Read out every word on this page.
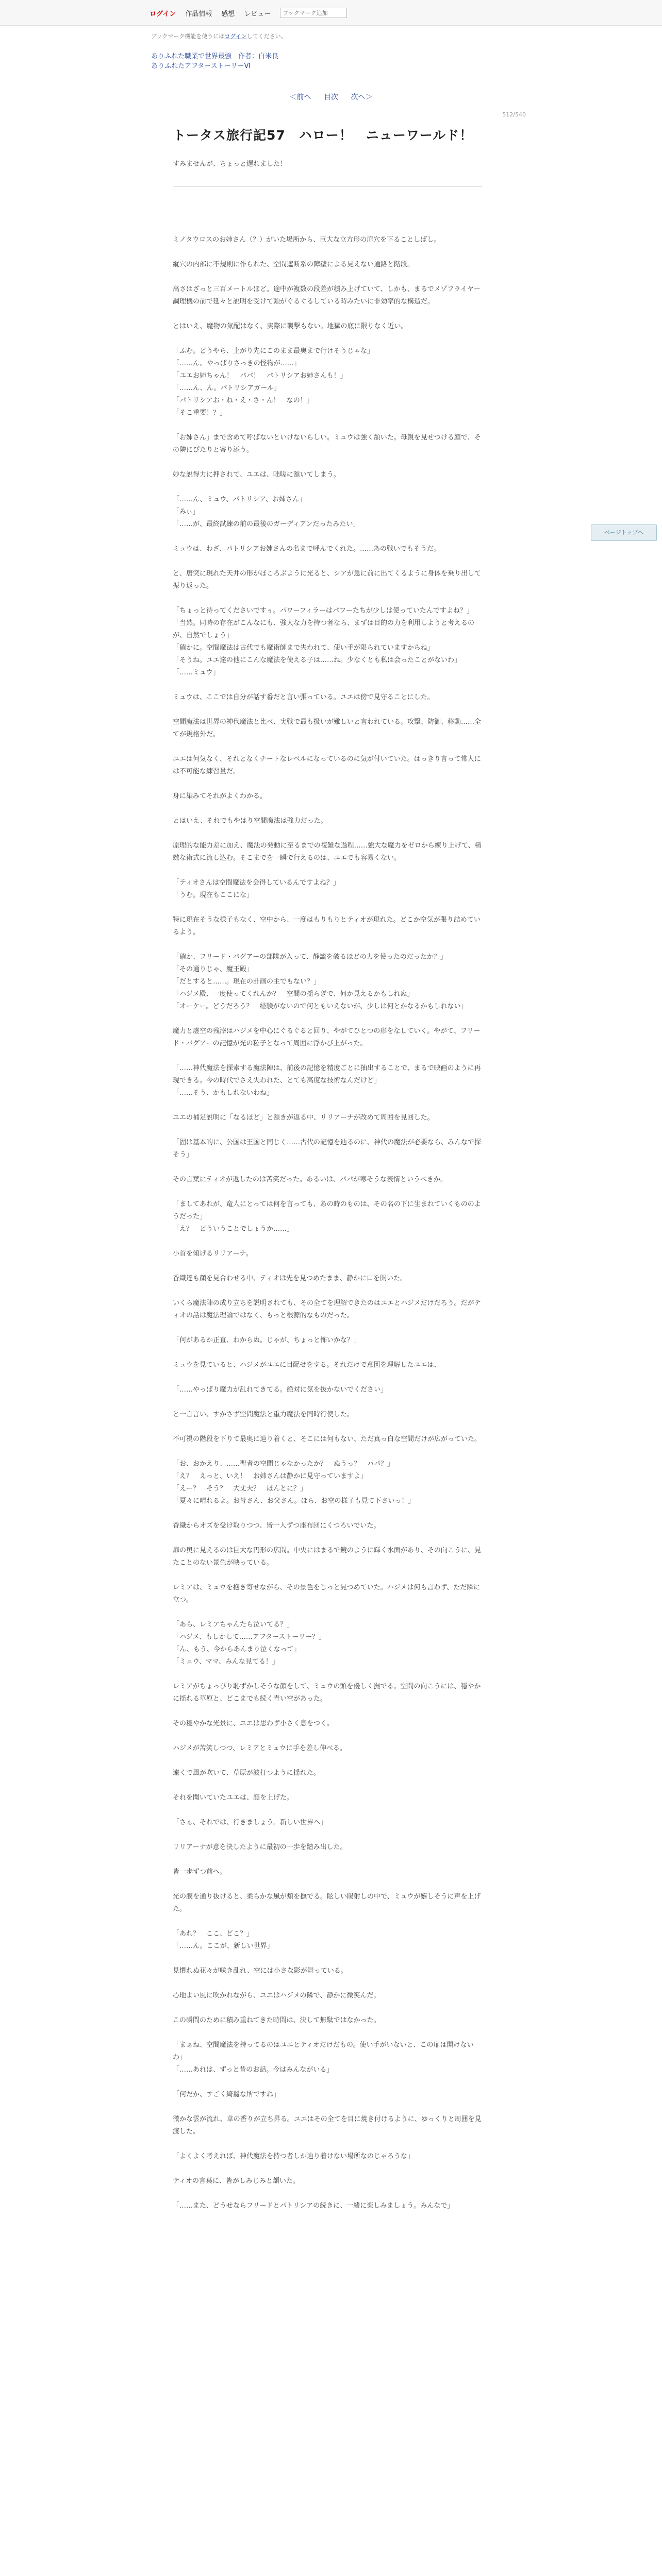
ログイン 作品情報 感想 レビュー
ブックマーク追加
ブックマーク機能を使うにはログインしてください。
ありふれた職業で世界最強　作者：白米良
ありふれたアフターストーリーⅥ
＜前へ 目次 次へ＞
512/540
トータス旅行記57　ハロー！　ニューワールド！
すみませんが、ちょっと遅れました！

ミノタウロスのお姉さん（？）がいた場所から、巨大な立方形の扉穴を下ることしばし。

縦穴の内部に不規則に作られた、空間遮断系の障壁による見えない通路と階段。

高さはざっと三百メートルほど。途中が複数の段差が積み上げていて、しかも、まるでメゾフライヤー調理機の前で延々と説明を受けて頭がぐるぐるしている時みたいに非効率的な構造だ。

とはいえ、魔物の気配はなく、実際に襲撃もない。地獄の底に限りなく近い。

「ふむ。どうやら、上がり先にこのまま最奥まで行けそうじゃな」

「……ん。やっぱりさっきの怪物が……」

「ユエお姉ちゃん！　パパ！　パトリシアお姉さんも！」

「……ん、ん。パトリシアガール」

「パトリシアお・ね・え・さ・ん！　なの！」

「そこ重要！？」

「お姉さん」まで含めて呼ばないといけないらしい。ミュウは強く頷いた。母親を見せつける顔で、その隣にぴたりと寄り添う。

妙な説得力に押されて、ユエは、咄嗟に頷いてしまう。

「……ん、ミュウ、パトリシア、お姉さん」

「みぃ」

「……が、最終試練の前の最後のガーディアンだったみたい」

ミュウは、わざ、パトリシアお姉さんの名まで呼んでくれた。……あの戦いでもそうだ。

と、唐突に現れた天井の形がほころぶように光ると、シアが急に前に出てくるように身体を乗り出して振り返った。

「ちょっと待ってくださいですぅ。パワーフィラーはパワーたちが少しは使っていたんですよね？」

「当然。同時の存在がこんなにも、強大な力を持つ者なら、まずは目的の力を利用しようと考えるのが、自然でしょう」

「確かに。空間魔法は古代でも魔術師まで失われて、使い手が限られていますからね」

「そうね。ユエ達の他にこんな魔法を使える子は……ね。少なくとも私は会ったことがないわ」

「……ミュウ」

ミュウは、ここでは自分が話す番だと言い張っている。ユエは傍で見守ることにした。

空間魔法は世界の神代魔法と比べ、実戦で最も扱いが難しいと言われている。攻撃、防御、移動……全てが規格外だ。

ユエは何気なく、それとなくチートなレベルになっているのに気が付いていた。はっきり言って常人には不可能な練習量だ。

身に染みてそれがよくわかる。

とはいえ、それでもやはり空間魔法は強力だった。

原理的な能力差に加え、魔法の発動に至るまでの複雑な過程……強大な魔力をゼロから練り上げて、精緻な術式に流し込む。そこまでを一瞬で行えるのは、ユエでも容易くない。

「ティオさんは空間魔法を会得しているんですよね？」

「うむ。現在もここにな」

特に現在そうな様子もなく、空中から、一度はもりもりとティオが現れた。どこか空気が張り詰めているよう。

「確か、フリード・バグアーの部隊が入って、静謐を破るほどの力を使ったのだったか？」

「その通りじゃ、魔王殿」

「だとすると……。現在の計画の主でもない？」

「ハジメ殿、一度使ってくれんか？　空間の揺らぎで、何か見えるかもしれぬ」

「オーケー。どうだろう？　経験がないので何ともいえないが、少しは何とかなるかもしれない」

魔力と虚空の残滓はハジメを中心にぐるぐると回り、やがてひとつの形をなしていく。やがて、フリード・バグアーの記憶が光の粒子となって周囲に浮かび上がった。

「……神代魔法を探索する魔法陣は、前後の記憶を精度ごとに抽出することで、まるで映画のように再現できる。今の時代でさえ失われた、とても高度な技術なんだけど」

「……そう、かもしれないわね」

ユエの補足説明に「なるほど」と頷きが返る中、リリアーナが改めて周囲を見回した。

「固は基本的に、公国は王国と同じく……古代の記憶を辿るのに、神代の魔法が必要なら、みんなで探そう」

その言葉にティオが返したのは苦笑だった。あるいは、パパが寒そうな表情というべきか。

「ましてあれが、竜人にとっては何を言っても、あの時のものは、その名の下に生まれていくもののようだった」

「え？　どういうことでしょうか……」

小首を傾げるリリアーナ。

香織達も顔を見合わせる中、ティオは先を見つめたまま、静かに口を開いた。

いくら魔法陣の成り立ちを説明されても、その全てを理解できたのはユエとハジメだけだろう。だがティオの話は魔法理論ではなく、もっと根源的なものだった。

「何があるか正直、わからぬ。じゃが、ちょっと怖いかな？」

ミュウを見ていると、ハジメがユエに目配せをする。それだけで意図を理解したユエは、

「……やっぱり魔力が乱れてきてる。絶対に気を抜かないでください」

と一言言い、すかさず空間魔法と重力魔法を同時行使した。

不可視の階段を下りて最奥に辿り着くと、そこには何もない、ただ真っ白な空間だけが広がっていた。

「お、おかえり、……聖者の空間じゃなかったか？　ぬうっ？　パパ？」

「え？　えっと、いえ！　お姉さんは静かに見守っていますよ」

「えー？　そう？　大丈夫？　ほんとに？」

「夏々に晴れるよ。お母さん、お父さん。ほら、お空の様子も見て下さいっ！」

香織からオズを受け取りつつ、皆一人ずつ座布団にくつろいでいた。

扉の奥に見えるのは巨大な円形の広間。中央にはまるで鏡のように輝く水面があり、その向こうに、見たことのない景色が映っている。

レミアは、ミュウを抱き寄せながら、その景色をじっと見つめていた。ハジメは何も言わず、ただ隣に立つ。

「あら、レミアちゃんたら泣いてる？」

「ハジメ、もしかして……アフターストーリー？」

「ん、もう、今からあんまり泣くなって」

「ミュウ、ママ、みんな見てる！」

レミアがちょっぴり恥ずかしそうな顔をして、ミュウの頭を優しく撫でる。空間の向こうには、穏やかに揺れる草原と、どこまでも続く青い空があった。

その穏やかな光景に、ユエは思わず小さく息をつく。

ハジメが苦笑しつつ、レミアとミュウに手を差し伸べる。

遠くで風が吹いて、草原が波打つように揺れた。

それを聞いていたユエは、顔を上げた。

「さぁ、それでは、行きましょう。新しい世界へ」

リリアーナが意を決したように最初の一歩を踏み出した。

皆一歩ずつ前へ。

光の膜を通り抜けると、柔らかな風が頬を撫でる。眩しい陽射しの中で、ミュウが嬉しそうに声を上げた。

「あれ？　ここ、どこ？」

「……ん。ここが、新しい世界」

見慣れぬ花々が咲き乱れ、空には小さな影が舞っている。

心地よい風に吹かれながら、ユエはハジメの隣で、静かに微笑んだ。

この瞬間のために積み重ねてきた時間は、決して無駄ではなかった。

「まぁね、空間魔法を持ってるのはユエとティオだけだもの。使い手がいないと、この扉は開けないわ」

「……あれは、ずっと昔のお話。今はみんながいる」

「何だか、すごく綺麗な所ですね」

微かな雲が流れ、草の香りが立ち昇る。ユエはその全てを目に焼き付けるように、ゆっくりと周囲を見渡した。

「よくよく考えれば、神代魔法を持つ者しか辿り着けない場所なのじゃろうな」

ティオの言葉に、皆がしみじみと頷いた。

「……また、どうせならフリードとパトリシアの続きに、一緒に楽しみましょう。みんなで」

ページトップへ
